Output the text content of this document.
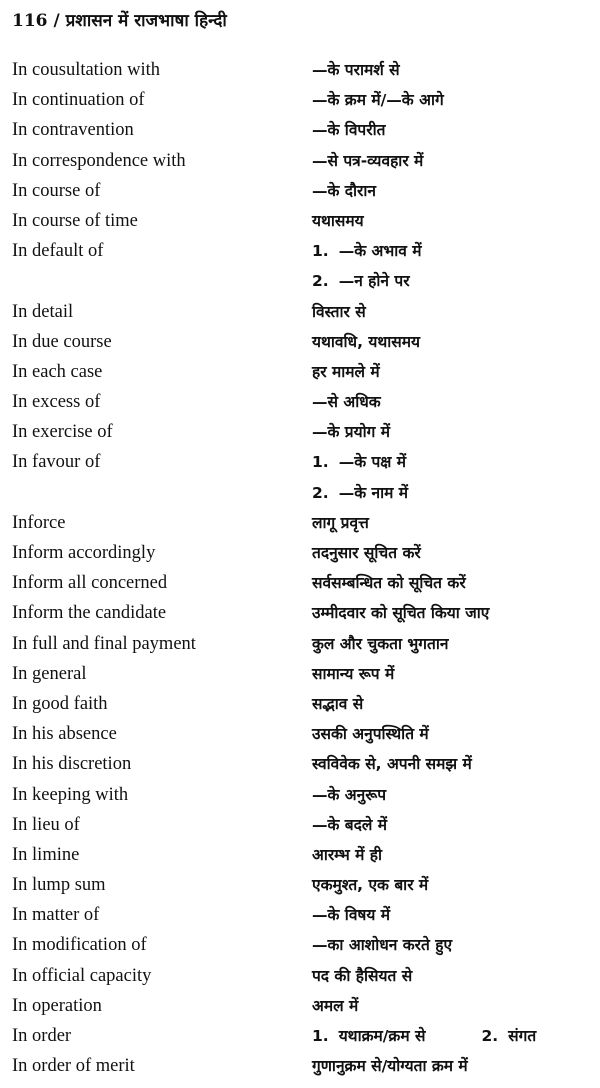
116 / प्रशासन में राजभाषा हिन्दी
In cousultation with	—के परामर्श से
In continuation of	—के क्रम में/—के आगे
In contravention	—के विपरीत
In correspondence with	—से पत्र-व्यवहार में
In course of	—के दौरान
In course of time	यथासमय
In default of	1. —के अभाव में
2. —न होने पर
In detail	विस्तार से
In due course	यथावधि, यथासमय
In each case	हर मामले में
In excess of	—से अधिक
In exercise of	—के प्रयोग में
In favour of	1. —के पक्ष में
2. —के नाम में
Inforce	लागू प्रवृत्त
Inform accordingly	तदनुसार सूचित करें
Inform all concerned	सर्वसम्बन्धित को सूचित करें
Inform the candidate	उम्मीदवार को सूचित किया जाए
In full and final payment	कुल और चुकता भुगतान
In general	सामान्य रूप में
In good faith	सद्भाव से
In his absence	उसकी अनुपस्थिति में
In his discretion	स्वविवेक से, अपनी समझ में
In keeping with	—के अनुरूप
In lieu of	—के बदले में
In limine	आरम्भ में ही
In lump sum	एकमुश्त, एक बार में
In matter of	—के विषय में
In modification of	—का आशोधन करते हुए
In official capacity	पद की हैसियत से
In operation	अमल में
In order	1. यथाक्रम/क्रम से	2. संगत
In order of merit	गुणानुक्रम से/योग्यता क्रम में
